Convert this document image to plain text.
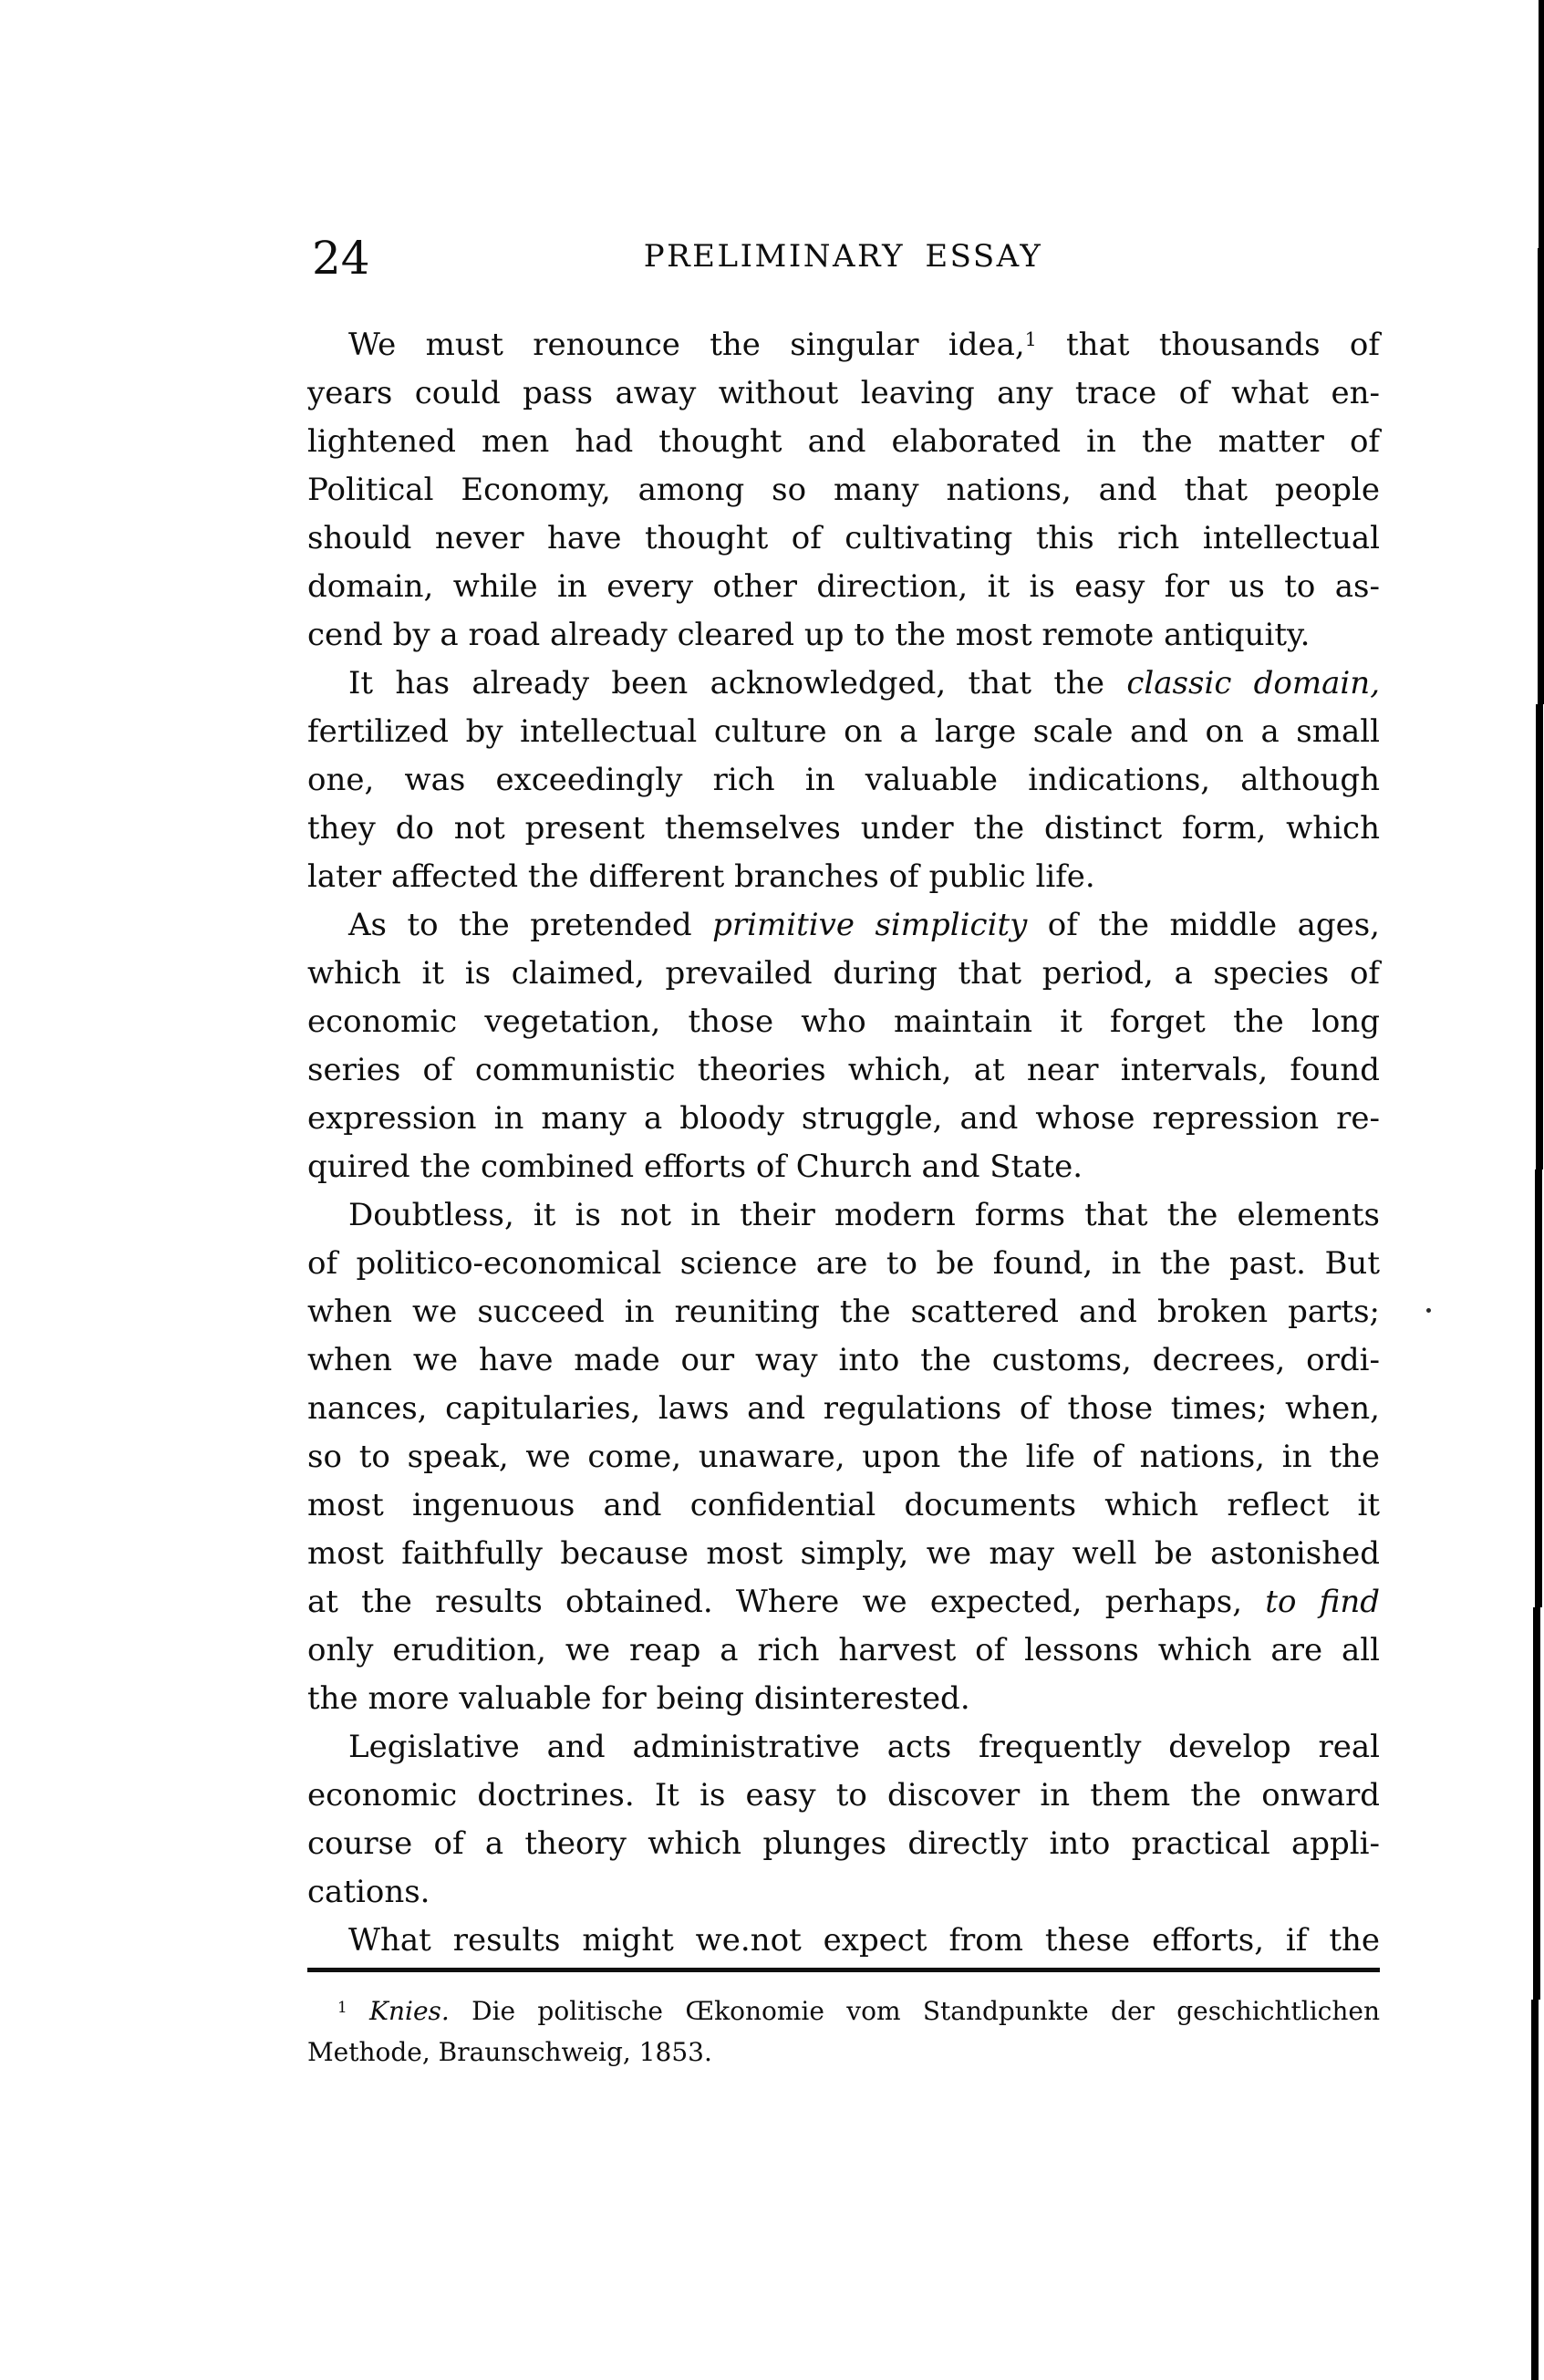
24	PRELIMINARY ESSAY
We must renounce the singular idea,$^1$ that thousands of
years could pass away without leaving any trace of what en-
lightened men had thought and elaborated in the matter of
Political Economy, among so many nations, and that people
should never have thought of cultivating this rich intellectual
domain, while in every other direction, it is easy for us to as-
cend by a road already cleared up to the most remote antiquity.
It has already been acknowledged, that the classic domain,
fertilized by intellectual culture on a large scale and on a small
one, was exceedingly rich in valuable indications, although
they do not present themselves under the distinct form, which
later affected the different branches of public life.
As to the pretended primitive simplicity of the middle ages,
which it is claimed, prevailed during that period, a species of
economic vegetation, those who maintain it forget the long
series of communistic theories which, at near intervals, found
expression in many a bloody struggle, and whose repression re-
quired the combined efforts of Church and State.
Doubtless, it is not in their modern forms that the elements
of politico-economical science are to be found, in the past. But
when we succeed in reuniting the scattered and broken parts;
when we have made our way into the customs, decrees, ordi-
nances, capitularies, laws and regulations of those times; when,
so to speak, we come, unaware, upon the life of nations, in the
most ingenuous and confidential documents which reflect it
most faithfully because most simply, we may well be astonished
at the results obtained. Where we expected, perhaps, to find
only erudition, we reap a rich harvest of lessons which are all
the more valuable for being disinterested.
Legislative and administrative acts frequently develop real
economic doctrines. It is easy to discover in them the onward
course of a theory which plunges directly into practical appli-
cations.
What results might we.not expect from these efforts, if the
$^1$ Knies. Die politische Œkonomie vom Standpunkte der geschichtlichen
Methode, Braunschweig, 1853.
